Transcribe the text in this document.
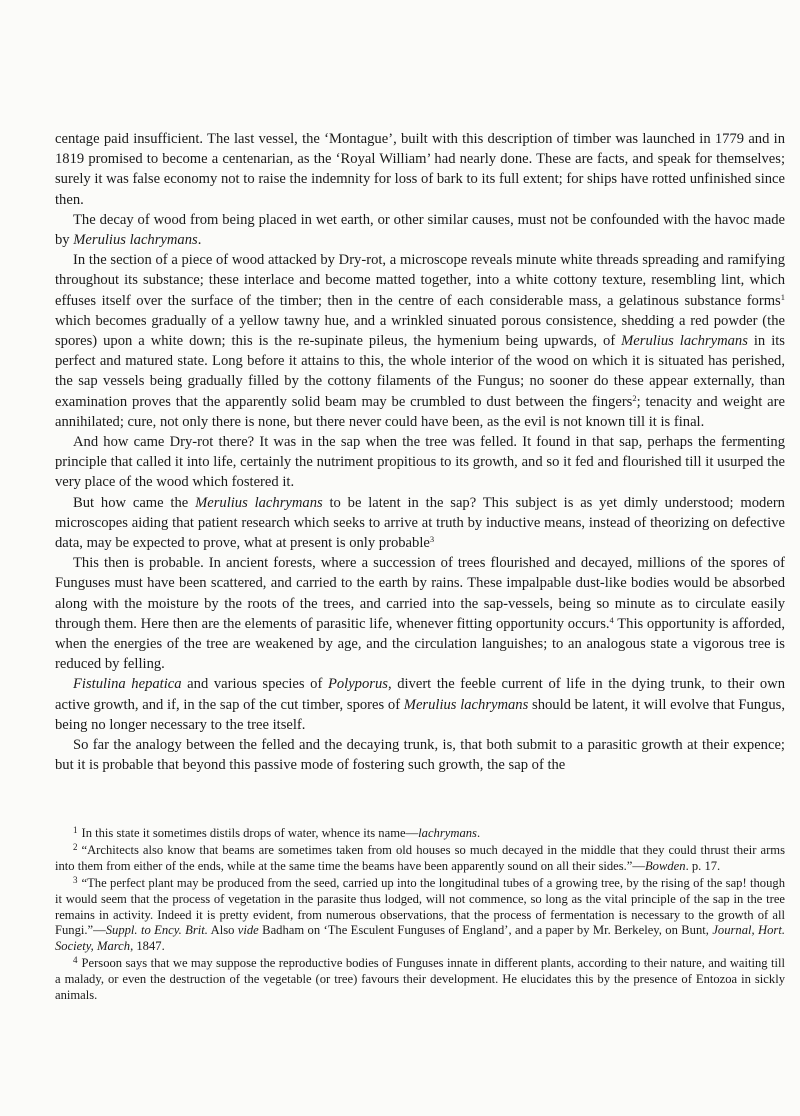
centage paid insufficient. The last vessel, the ‘Montague’, built with this description of timber was launched in 1779 and in 1819 promised to become a centenarian, as the ‘Royal William’ had nearly done. These are facts, and speak for themselves; surely it was false economy not to raise the indemnity for loss of bark to its full extent; for ships have rotted unfinished since then.

The decay of wood from being placed in wet earth, or other similar causes, must not be confounded with the havoc made by Merulius lachrymans.

In the section of a piece of wood attacked by Dry-rot, a microscope reveals minute white threads spreading and ramifying throughout its substance; these interlace and become matted together, into a white cottony texture, resembling lint, which effuses itself over the surface of the timber; then in the centre of each considerable mass, a gelatinous substance forms$^1$ which becomes gradually of a yellow tawny hue, and a wrinkled sinuated porous consistence, shedding a red powder (the spores) upon a white down; this is the re-supinate pileus, the hymenium being upwards, of Merulius lachrymans in its perfect and matured state. Long before it attains to this, the whole interior of the wood on which it is situated has perished, the sap vessels being gradually filled by the cottony filaments of the Fungus; no sooner do these appear externally, than examination proves that the apparently solid beam may be crumbled to dust between the fingers$^2$; tenacity and weight are annihilated; cure, not only there is none, but there never could have been, as the evil is not known till it is final.

And how came Dry-rot there? It was in the sap when the tree was felled. It found in that sap, perhaps the fermenting principle that called it into life, certainly the nutriment propitious to its growth, and so it fed and flourished till it usurped the very place of the wood which fostered it.

But how came the Merulius lachrymans to be latent in the sap? This subject is as yet dimly understood; modern microscopes aiding that patient research which seeks to arrive at truth by inductive means, instead of theorizing on defective data, may be expected to prove, what at present is only probable$^3$

This then is probable. In ancient forests, where a succession of trees flourished and decayed, millions of the spores of Funguses must have been scattered, and carried to the earth by rains. These impalpable dust-like bodies would be absorbed along with the moisture by the roots of the trees, and carried into the sap-vessels, being so minute as to circulate easily through them. Here then are the elements of parasitic life, whenever fitting opportunity occurs.$^4$ This opportunity is afforded, when the energies of the tree are weakened by age, and the circulation languishes; to an analogous state a vigorous tree is reduced by felling.

Fistulina hepatica and various species of Polyporus, divert the feeble current of life in the dying trunk, to their own active growth, and if, in the sap of the cut timber, spores of Merulius lachrymans should be latent, it will evolve that Fungus, being no longer necessary to the tree itself.

So far the analogy between the felled and the decaying trunk, is, that both submit to a parasitic growth at their expence; but it is probable that beyond this passive mode of fostering such growth, the sap of the

$^1$ In this state it sometimes distils drops of water, whence its name—lachrymans.

$^2$ “Architects also know that beams are sometimes taken from old houses so much decayed in the middle that they could thrust their arms into them from either of the ends, while at the same time the beams have been apparently sound on all their sides.”—Bowden. p. 17.

$^3$ “The perfect plant may be produced from the seed, carried up into the longitudinal tubes of a growing tree, by the rising of the sap! though it would seem that the process of vegetation in the parasite thus lodged, will not commence, so long as the vital principle of the sap in the tree remains in activity. Indeed it is pretty evident, from numerous observations, that the process of fermentation is necessary to the growth of all Fungi.”—Suppl. to Ency. Brit. Also vide Badham on ‘The Esculent Funguses of England’, and a paper by Mr. Berkeley, on Bunt, Journal, Hort. Society, March, 1847.

$^4$ Persoon says that we may suppose the reproductive bodies of Funguses innate in different plants, according to their nature, and waiting till a malady, or even the destruction of the vegetable (or tree) favours their development. He elucidates this by the presence of Entozoa in sickly animals.
